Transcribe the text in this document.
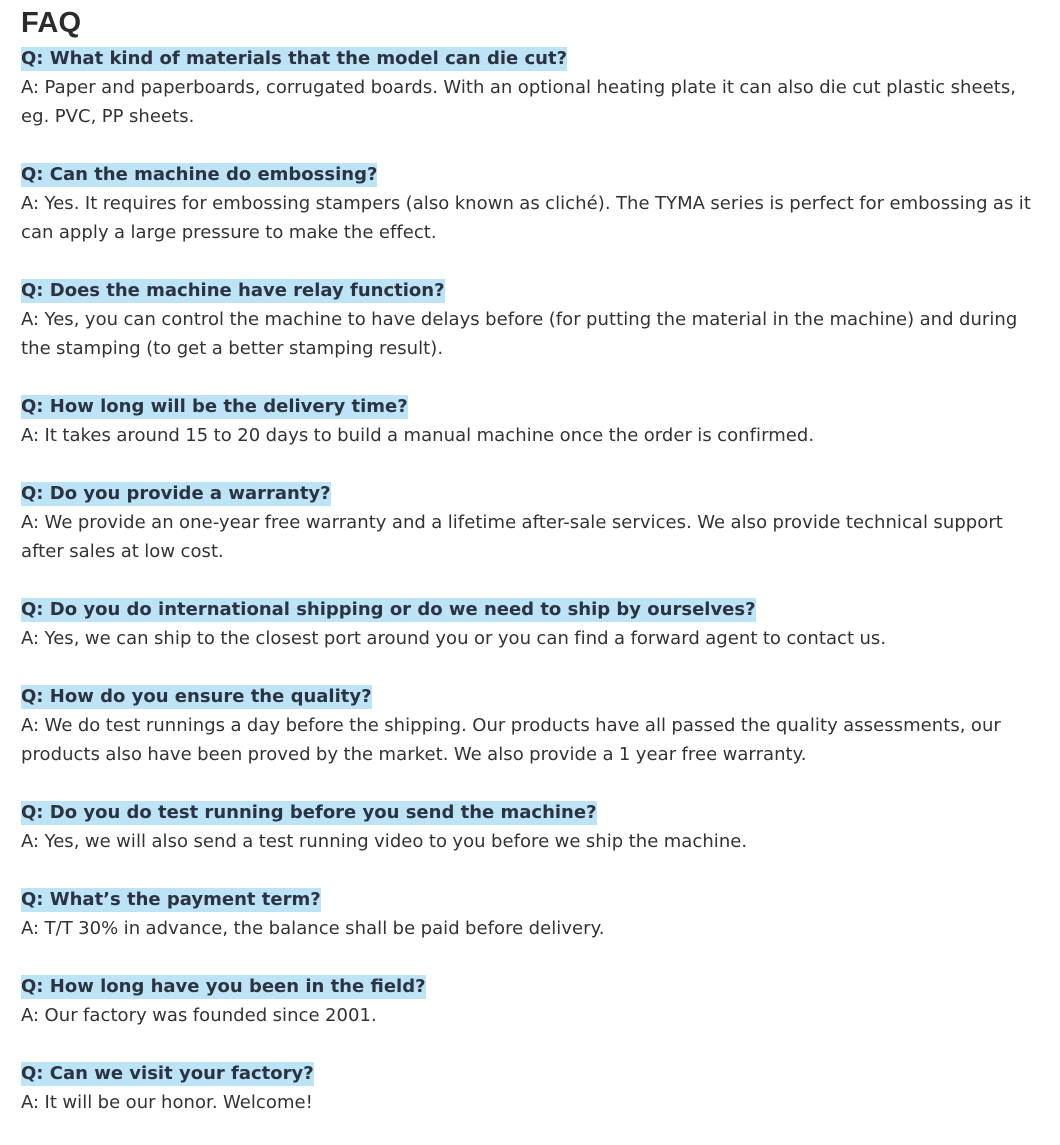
FAQ
Q: What kind of materials that the model can die cut?

A: Paper and paperboards, corrugated boards. With an optional heating plate it can also die cut plastic sheets, eg. PVC, PP sheets.

Q: Can the machine do embossing?

A: Yes. It requires for embossing stampers (also known as cliché). The TYMA series is perfect for embossing as it can apply a large pressure to make the effect.

Q: Does the machine have relay function?

A: Yes, you can control the machine to have delays before (for putting the material in the machine) and during the stamping (to get a better stamping result).

Q: How long will be the delivery time?

A: It takes around 15 to 20 days to build a manual machine once the order is confirmed.

Q: Do you provide a warranty?

A: We provide an one-year free warranty and a lifetime after-sale services. We also provide technical support after sales at low cost.

Q: Do you do international shipping or do we need to ship by ourselves?

A: Yes, we can ship to the closest port around you or you can find a forward agent to contact us.

Q: How do you ensure the quality?

A: We do test runnings a day before the shipping. Our products have all passed the quality assessments, our products also have been proved by the market. We also provide a 1 year free warranty.

Q: Do you do test running before you send the machine?

A: Yes, we will also send a test running video to you before we ship the machine.

Q: What’s the payment term?

A: T/T 30% in advance, the balance shall be paid before delivery.

Q: How long have you been in the field?

A: Our factory was founded since 2001.

Q: Can we visit your factory?

A: It will be our honor. Welcome!
